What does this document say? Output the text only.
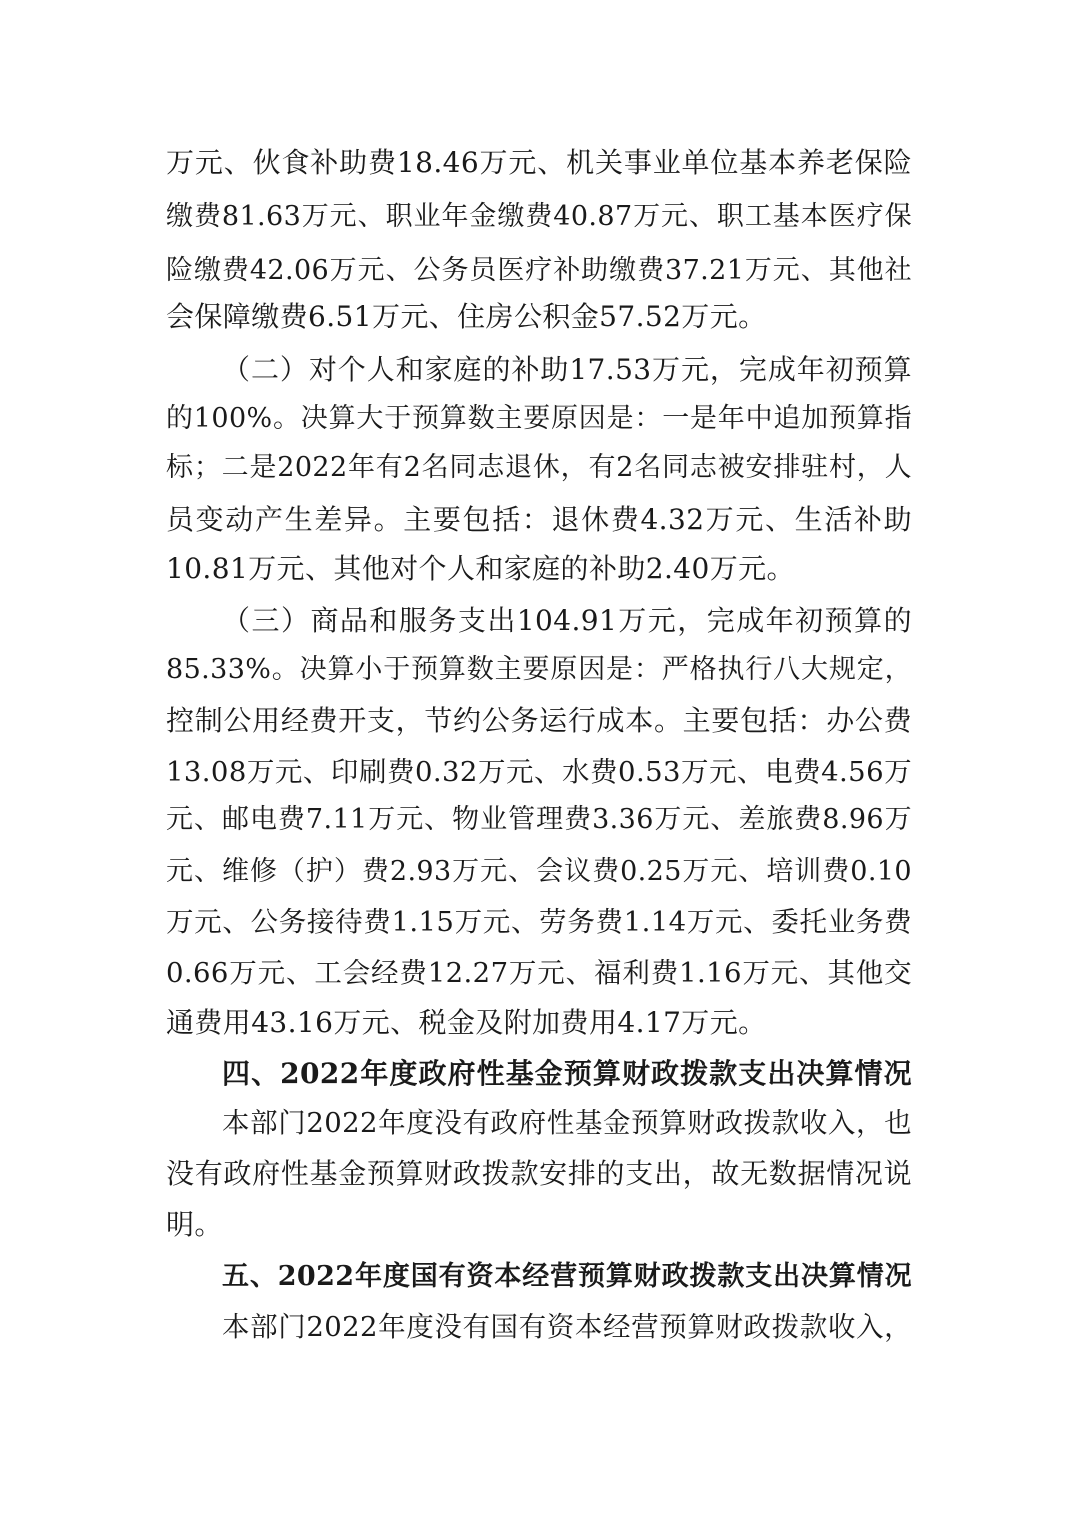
万元、伙食补助费18.46万元、机关事业单位基本养老保险
缴费81.63万元、职业年金缴费40.87万元、职工基本医疗保
险缴费42.06万元、公务员医疗补助缴费37.21万元、其他社
会保障缴费6.51万元、住房公积金57.52万元。
（二）对个人和家庭的补助17.53万元，完成年初预算
的100%。决算大于预算数主要原因是：一是年中追加预算指
标；二是2022年有2名同志退休，有2名同志被安排驻村，人
员变动产生差异。主要包括：退休费4.32万元、生活补助
10.81万元、其他对个人和家庭的补助2.40万元。
（三）商品和服务支出104.91万元，完成年初预算的
85.33%。决算小于预算数主要原因是：严格执行八大规定，
控制公用经费开支，节约公务运行成本。主要包括：办公费
13.08万元、印刷费0.32万元、水费0.53万元、电费4.56万
元、邮电费7.11万元、物业管理费3.36万元、差旅费8.96万
元、维修（护）费2.93万元、会议费0.25万元、培训费0.10
万元、公务接待费1.15万元、劳务费1.14万元、委托业务费
0.66万元、工会经费12.27万元、福利费1.16万元、其他交
通费用43.16万元、税金及附加费用4.17万元。
四、2022年度政府性基金预算财政拨款支出决算情况
本部门2022年度没有政府性基金预算财政拨款收入，也
没有政府性基金预算财政拨款安排的支出，故无数据情况说
明。
五、2022年度国有资本经营预算财政拨款支出决算情况
本部门2022年度没有国有资本经营预算财政拨款收入，
